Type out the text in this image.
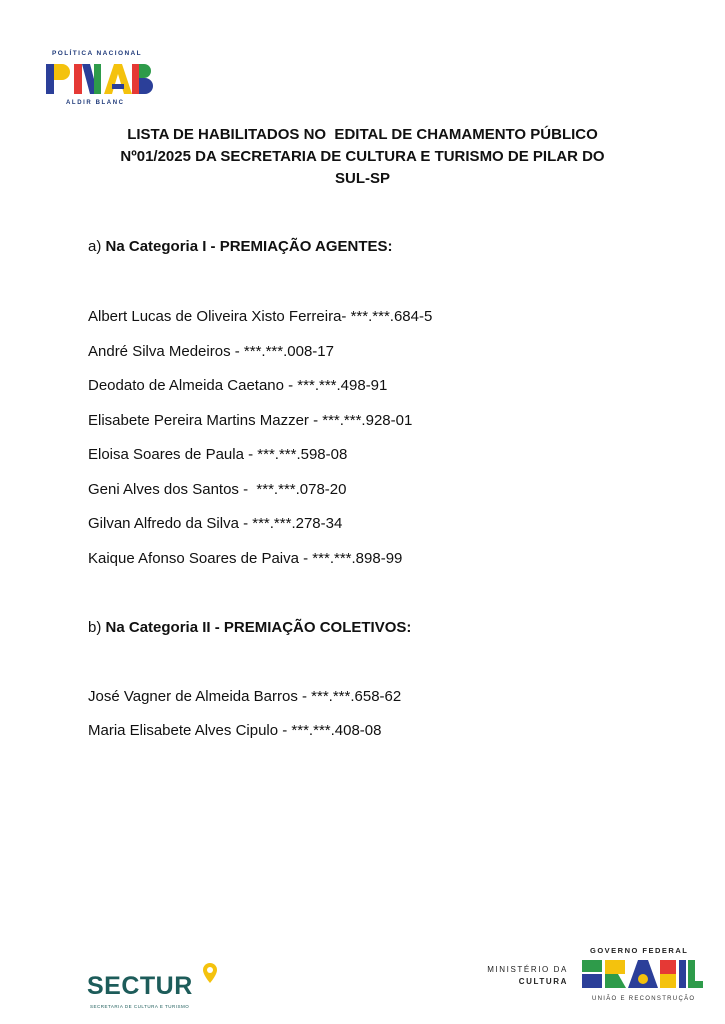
POLÍTICA NACIONAL
ALDIR BLANC
LISTA DE HABILITADOS NO  EDITAL DE CHAMAMENTO PÚBLICO
Nº01/2025 DA SECRETARIA DE CULTURA E TURISMO DE PILAR DO
SUL-SP
a) Na Categoria I - PREMIAÇÃO AGENTES:
Albert Lucas de Oliveira Xisto Ferreira- ***.***.684-5
André Silva Medeiros - ***.***.008-17
Deodato de Almeida Caetano - ***.***.498-91
Elisabete Pereira Martins Mazzer - ***.***.928-01
Eloisa Soares de Paula - ***.***.598-08
Geni Alves dos Santos -  ***.***.078-20
Gilvan Alfredo da Silva - ***.***.278-34
Kaique Afonso Soares de Paiva - ***.***.898-99
b) Na Categoria II - PREMIAÇÃO COLETIVOS:
José Vagner de Almeida Barros - ***.***.658-62
Maria Elisabete Alves Cipulo - ***.***.408-08
SECTUR
SECRETARIA DE CULTURA E TURISMO
MINISTÉRIO DA
CULTURA
GOVERNO FEDERAL
UNIÃO E RECONSTRUÇÃO
